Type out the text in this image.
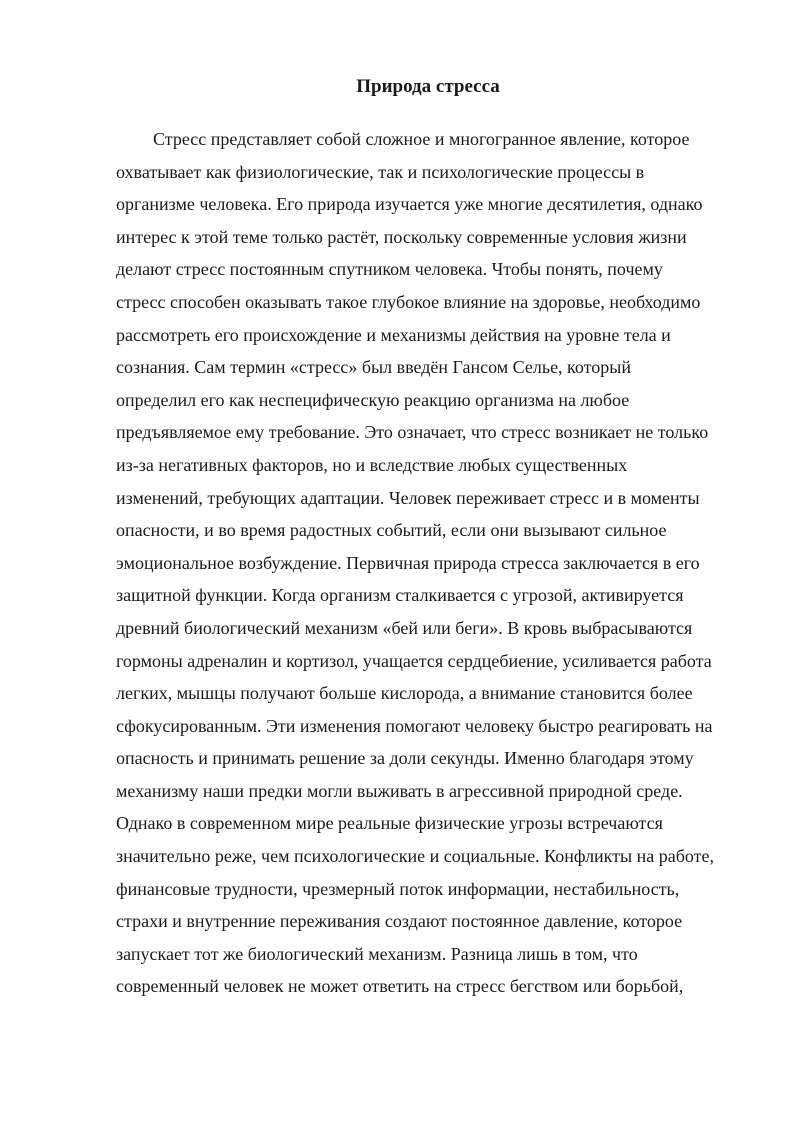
Природа стресса
Стресс представляет собой сложное и многогранное явление, которое
охватывает как физиологические, так и психологические процессы в
организме человека. Его природа изучается уже многие десятилетия, однако
интерес к этой теме только растёт, поскольку современные условия жизни
делают стресс постоянным спутником человека. Чтобы понять, почему
стресс способен оказывать такое глубокое влияние на здоровье, необходимо
рассмотреть его происхождение и механизмы действия на уровне тела и
сознания. Сам термин «стресс» был введён Гансом Селье, который
определил его как неспецифическую реакцию организма на любое
предъявляемое ему требование. Это означает, что стресс возникает не только
из-за негативных факторов, но и вследствие любых существенных
изменений, требующих адаптации. Человек переживает стресс и в моменты
опасности, и во время радостных событий, если они вызывают сильное
эмоциональное возбуждение. Первичная природа стресса заключается в его
защитной функции. Когда организм сталкивается с угрозой, активируется
древний биологический механизм «бей или беги». В кровь выбрасываются
гормоны адреналин и кортизол, учащается сердцебиение, усиливается работа
легких, мышцы получают больше кислорода, а внимание становится более
сфокусированным. Эти изменения помогают человеку быстро реагировать на
опасность и принимать решение за доли секунды. Именно благодаря этому
механизму наши предки могли выживать в агрессивной природной среде.
Однако в современном мире реальные физические угрозы встречаются
значительно реже, чем психологические и социальные. Конфликты на работе,
финансовые трудности, чрезмерный поток информации, нестабильность,
страхи и внутренние переживания создают постоянное давление, которое
запускает тот же биологический механизм. Разница лишь в том, что
современный человек не может ответить на стресс бегством или борьбой,
